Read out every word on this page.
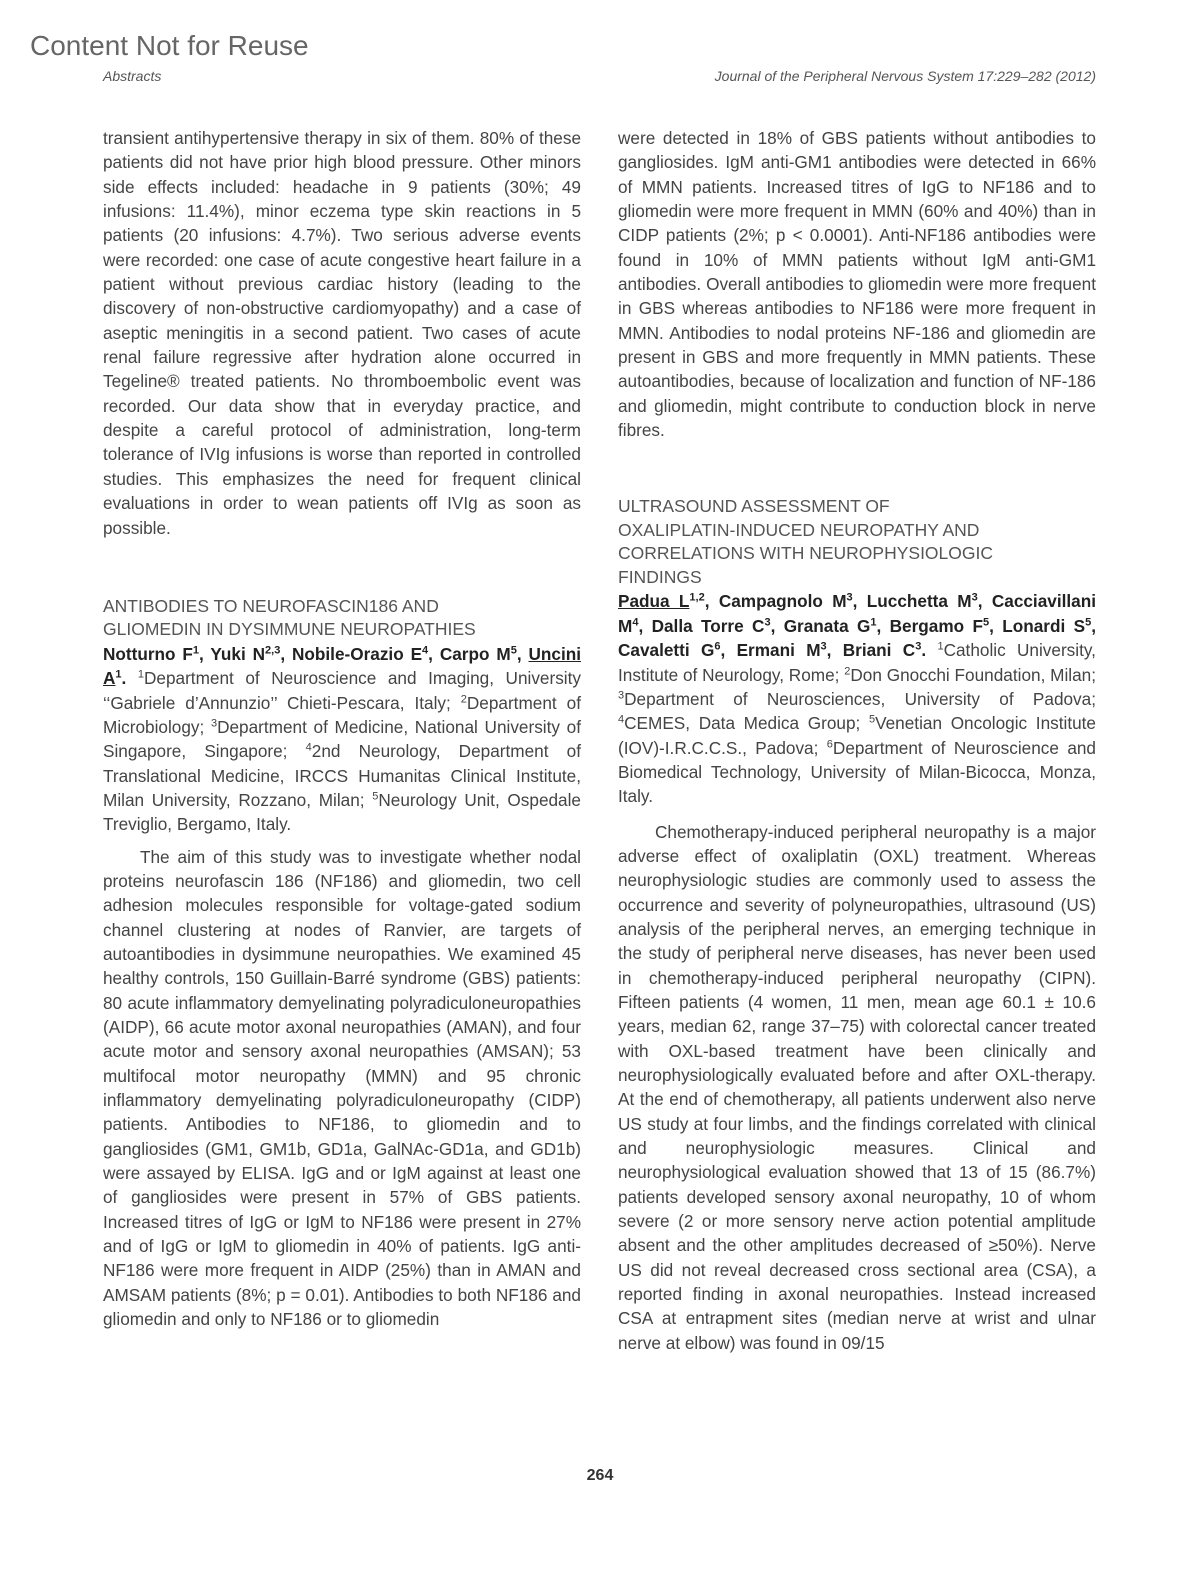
Content Not for Reuse
Abstracts	Journal of the Peripheral Nervous System 17:229–282 (2012)

transient antihypertensive therapy in six of them. 80% of these patients did not have prior high blood pressure. Other minors side effects included: headache in 9 patients (30%; 49 infusions: 11.4%), minor eczema type skin reactions in 5 patients (20 infusions: 4.7%). Two serious adverse events were recorded: one case of acute congestive heart failure in a patient without previous cardiac history (leading to the discovery of non-obstructive cardiomyopathy) and a case of aseptic meningitis in a second patient. Two cases of acute renal failure regressive after hydration alone occurred in Tegeline® treated patients. No thromboembolic event was recorded. Our data show that in everyday practice, and despite a careful protocol of administration, long-term tolerance of IVIg infusions is worse than reported in controlled studies. This emphasizes the need for frequent clinical evaluations in order to wean patients off IVIg as soon as possible.

ANTIBODIES TO NEUROFASCIN186 AND
GLIOMEDIN IN DYSIMMUNE NEUROPATHIES

Notturno $F^1$, Yuki N$^{2,3}$, Nobile-Orazio $E^4$, Carpo $M^5$, Uncini $A^1$. $^1$Department of Neuroscience and Imaging, University ‘‘Gabriele d’Annunzio’’ Chieti-Pescara, Italy; $^2$Department of Microbiology; $^3$Department of Medicine, National University of Singapore, Singapore; $^4$2nd Neurology, Department of Translational Medicine, IRCCS Humanitas Clinical Institute, Milan University, Rozzano, Milan; $^5$Neurology Unit, Ospedale Treviglio, Bergamo, Italy.

The aim of this study was to investigate whether nodal proteins neurofascin 186 (NF186) and gliomedin, two cell adhesion molecules responsible for voltage-gated sodium channel clustering at nodes of Ranvier, are targets of autoantibodies in dysimmune neuropathies. We examined 45 healthy controls, 150 Guillain-Barré syndrome (GBS) patients: 80 acute inflammatory demyelinating polyradiculoneuropathies (AIDP), 66 acute motor axonal neuropathies (AMAN), and four acute motor and sensory axonal neuropathies (AMSAN); 53 multifocal motor neuropathy (MMN) and 95 chronic inflammatory demyelinating polyradiculoneuropathy (CIDP) patients. Antibodies to NF186, to gliomedin and to gangliosides (GM1, GM1b, GD1a, GalNAc-GD1a, and GD1b) were assayed by ELISA. IgG and or IgM against at least one of gangliosides were present in 57% of GBS patients. Increased titres of IgG or IgM to NF186 were present in 27% and of IgG or IgM to gliomedin in 40% of patients. IgG anti-NF186 were more frequent in AIDP (25%) than in AMAN and AMSAM patients (8%; p = 0.01). Antibodies to both NF186 and gliomedin and only to NF186 or to gliomedin

were detected in 18% of GBS patients without antibodies to gangliosides. IgM anti-GM1 antibodies were detected in 66% of MMN patients. Increased titres of IgG to NF186 and to gliomedin were more frequent in MMN (60% and 40%) than in CIDP patients (2%; p < 0.0001). Anti-NF186 antibodies were found in 10% of MMN patients without IgM anti-GM1 antibodies. Overall antibodies to gliomedin were more frequent in GBS whereas antibodies to NF186 were more frequent in MMN. Antibodies to nodal proteins NF-186 and gliomedin are present in GBS and more frequently in MMN patients. These autoantibodies, because of localization and function of NF-186 and gliomedin, might contribute to conduction block in nerve fibres.

ULTRASOUND ASSESSMENT OF
OXALIPLATIN-INDUCED NEUROPATHY AND
CORRELATIONS WITH NEUROPHYSIOLOGIC
FINDINGS

Padua L$^{1,2}$, Campagnolo $M^3$, Lucchetta $M^3$, Cacciavillani $M^4$, Dalla Torre $C^3$, Granata $G^1$, Bergamo $F^5$, Lonardi $S^5$, Cavaletti $G^6$, Ermani $M^3$, Briani $C^3$. $^1$Catholic University, Institute of Neurology, Rome; $^2$Don Gnocchi Foundation, Milan; $^3$Department of Neurosciences, University of Padova; $^4$CEMES, Data Medica Group; $^5$Venetian Oncologic Institute (IOV)-I.R.C.C.S., Padova; $^6$Department of Neuroscience and Biomedical Technology, University of Milan-Bicocca, Monza, Italy.

Chemotherapy-induced peripheral neuropathy is a major adverse effect of oxaliplatin (OXL) treatment. Whereas neurophysiologic studies are commonly used to assess the occurrence and severity of polyneuropathies, ultrasound (US) analysis of the peripheral nerves, an emerging technique in the study of peripheral nerve diseases, has never been used in chemotherapy-induced peripheral neuropathy (CIPN). Fifteen patients (4 women, 11 men, mean age 60.1 ± 10.6 years, median 62, range 37–75) with colorectal cancer treated with OXL-based treatment have been clinically and neurophysiologically evaluated before and after OXL-therapy. At the end of chemotherapy, all patients underwent also nerve US study at four limbs, and the findings correlated with clinical and neurophysiologic measures. Clinical and neurophysiological evaluation showed that 13 of 15 (86.7%) patients developed sensory axonal neuropathy, 10 of whom severe (2 or more sensory nerve action potential amplitude absent and the other amplitudes decreased of ≥50%). Nerve US did not reveal decreased cross sectional area (CSA), a reported finding in axonal neuropathies. Instead increased CSA at entrapment sites (median nerve at wrist and ulnar nerve at elbow) was found in 09/15

264
